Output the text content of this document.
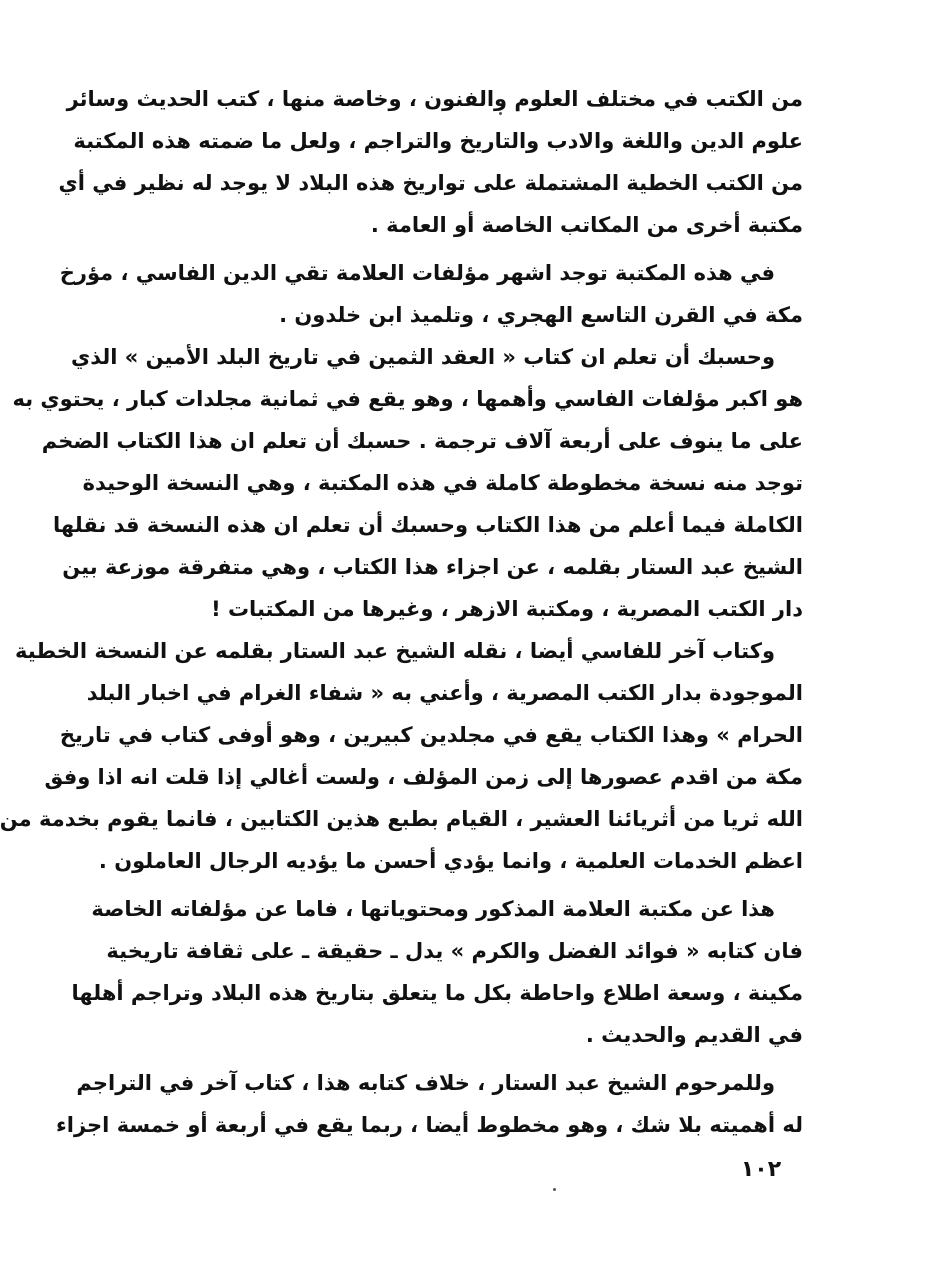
من الكتب في مختلف العلوم والفنون ، وخاصة منها ، كتب الحديث وسائر
علوم الدين واللغة والادب والتاريخ والتراجم ، ولعل ما ضمته هذه المكتبة
من الكتب الخطية المشتملة على تواريخ هذه البلاد لا يوجد له نظير في أي
مكتبة أخرى من المكاتب الخاصة أو العامة .
في هذه المكتبة توجد اشهر مؤلفات العلامة تقي الدين الفاسي ، مؤرخ
مكة في القرن التاسع الهجري ، وتلميذ ابن خلدون .
وحسبك أن تعلم ان كتاب « العقد الثمين في تاريخ البلد الأمين » الذي
هو اكبر مؤلفات الفاسي وأهمها ، وهو يقع في ثمانية مجلدات كبار ، يحتوي به
على ما ينوف على أربعة آلاف ترجمة . حسبك أن تعلم ان هذا الكتاب الضخم
توجد منه نسخة مخطوطة كاملة في هذه المكتبة ، وهي النسخة الوحيدة
الكاملة فيما أعلم من هذا الكتاب وحسبك أن تعلم ان هذه النسخة قد نقلها
الشيخ عبد الستار بقلمه ، عن اجزاء هذا الكتاب ، وهي متفرقة موزعة بين
دار الكتب المصرية ، ومكتبة الازهر ، وغيرها من المكتبات !
وكتاب آخر للفاسي أيضا ، نقله الشيخ عبد الستار بقلمه عن النسخة الخطية
الموجودة بدار الكتب المصرية ، وأعني به « شفاء الغرام في اخبار البلد
الحرام » وهذا الكتاب يقع في مجلدين كبيرين ، وهو أوفى كتاب في تاريخ
مكة من اقدم عصورها إلى زمن المؤلف ، ولست أغالي إذا قلت انه اذا وفق
الله ثريا من أثريائنا العشير ، القيام بطبع هذين الكتابين ، فانما يقوم بخدمة من
اعظم الخدمات العلمية ، وانما يؤدي أحسن ما يؤديه الرجال العاملون .
هذا عن مكتبة العلامة المذكور ومحتوياتها ، فاما عن مؤلفاته الخاصة
فان كتابه « فوائد الفضل والكرم » يدل ـ حقيقة ـ على ثقافة تاريخية
مكينة ، وسعة اطلاع واحاطة بكل ما يتعلق بتاريخ هذه البلاد وتراجم أهلها
في القديم والحديث .
وللمرحوم الشيخ عبد الستار ، خلاف كتابه هذا ، كتاب آخر في التراجم
له أهميته بلا شك ، وهو مخطوط أيضا ، ربما يقع في أربعة أو خمسة اجزاء
١٠٢
